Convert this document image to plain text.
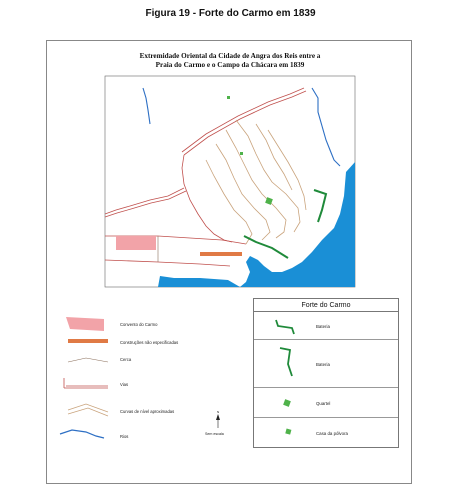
Figura 19 - Forte do Carmo em 1839
Extremidade Oriental da Cidade de Angra dos Reis entre a
Praia do Carmo e o Campo da Chácara em 1839
N
Convento do Carmo
Construções não especificadas
Cerca
Vias
Curvas de nível aproximadas
Rios	Sem escala
Forte do Carmo
Bateria
Bateria
Quartel
Casa da pólvora
